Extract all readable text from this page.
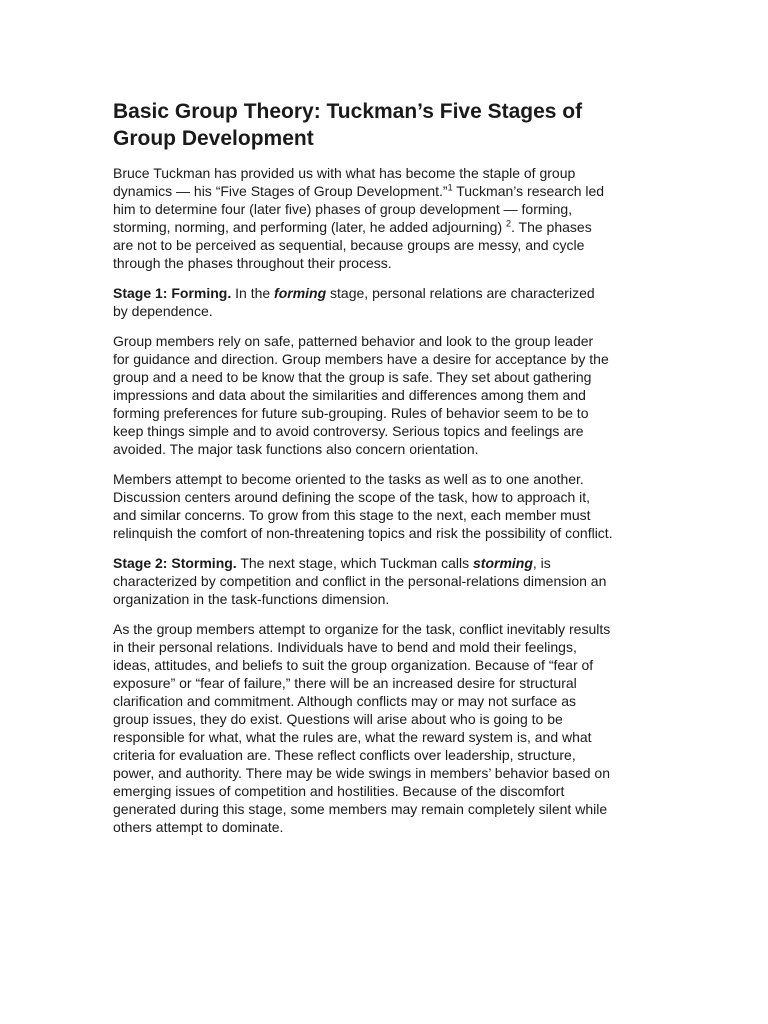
Basic Group Theory: Tuckman’s Five Stages of Group Development

Bruce Tuckman has provided us with what has become the staple of group dynamics — his “Five Stages of Group Development.”$^1$ Tuckman’s research led him to determine four (later five) phases of group development — forming, storming, norming, and performing (later, he added adjourning) $^2$. The phases are not to be perceived as sequential, because groups are messy, and cycle through the phases throughout their process.

Stage 1: Forming. In the forming stage, personal relations are characterized by dependence.

Group members rely on safe, patterned behavior and look to the group leader for guidance and direction. Group members have a desire for acceptance by the group and a need to be know that the group is safe. They set about gathering impressions and data about the similarities and differences among them and forming preferences for future sub-grouping. Rules of behavior seem to be to keep things simple and to avoid controversy. Serious topics and feelings are avoided. The major task functions also concern orientation.

Members attempt to become oriented to the tasks as well as to one another. Discussion centers around defining the scope of the task, how to approach it, and similar concerns. To grow from this stage to the next, each member must relinquish the comfort of non-threatening topics and risk the possibility of conflict.

Stage 2: Storming. The next stage, which Tuckman calls storming, is characterized by competition and conflict in the personal-relations dimension an organization in the task-functions dimension.

As the group members attempt to organize for the task, conflict inevitably results in their personal relations. Individuals have to bend and mold their feelings, ideas, attitudes, and beliefs to suit the group organization. Because of “fear of exposure” or “fear of failure,” there will be an increased desire for structural clarification and commitment. Although conflicts may or may not surface as group issues, they do exist. Questions will arise about who is going to be responsible for what, what the rules are, what the reward system is, and what criteria for evaluation are. These reflect conflicts over leadership, structure, power, and authority. There may be wide swings in members’ behavior based on emerging issues of competition and hostilities. Because of the discomfort generated during this stage, some members may remain completely silent while others attempt to dominate.
